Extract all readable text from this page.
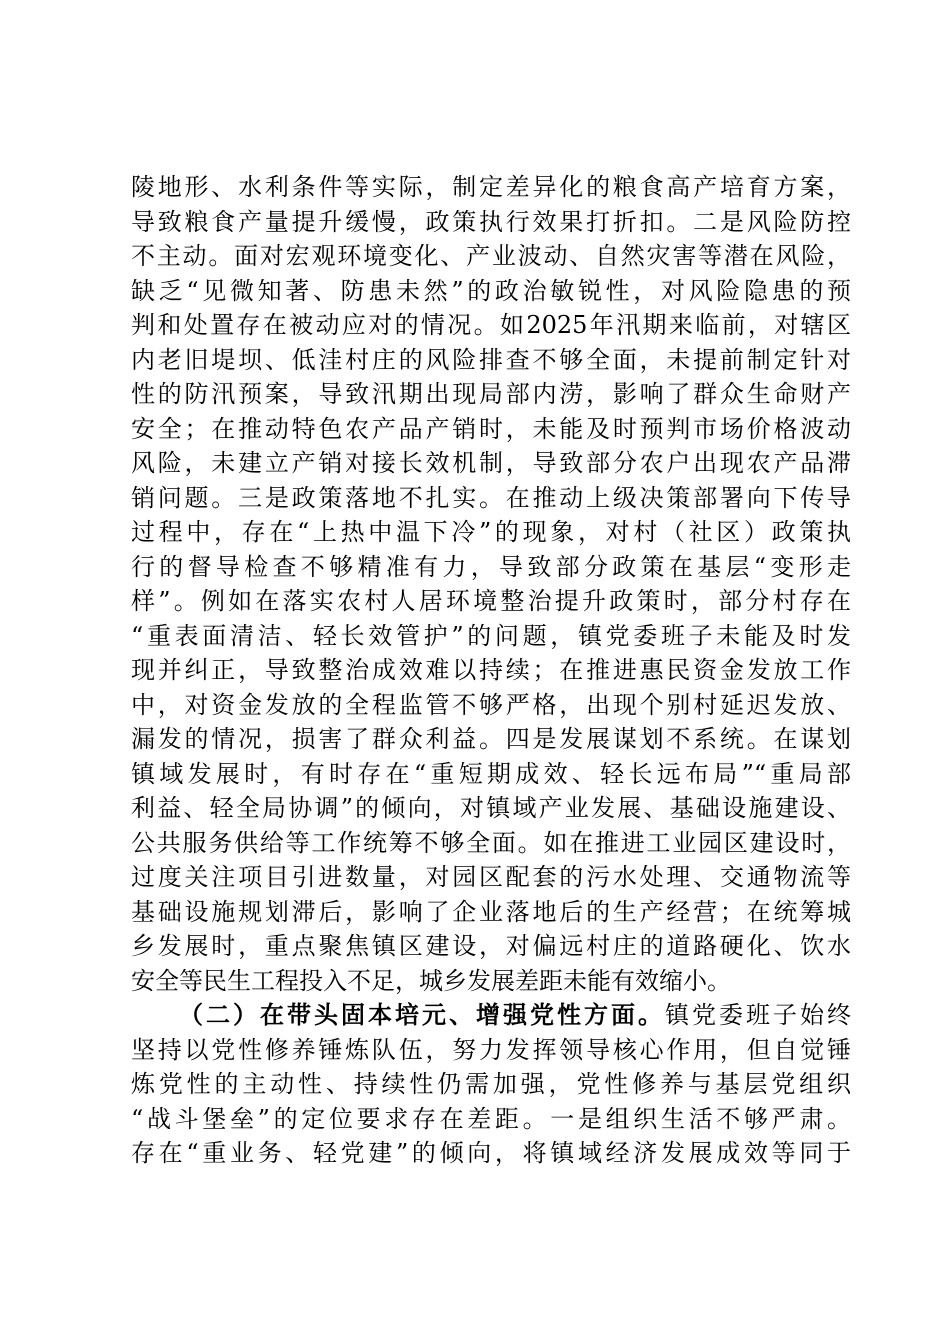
陵地形、水利条件等实际，制定差异化的粮食高产培育方案，
导致粮食产量提升缓慢，政策执行效果打折扣。二是风险防控
不主动。面对宏观环境变化、产业波动、自然灾害等潜在风险，
缺乏“见微知著、防患未然”的政治敏锐性，对风险隐患的预
判和处置存在被动应对的情况。如2025年汛期来临前，对辖区
内老旧堤坝、低洼村庄的风险排查不够全面，未提前制定针对
性的防汛预案，导致汛期出现局部内涝，影响了群众生命财产
安全；在推动特色农产品产销时，未能及时预判市场价格波动
风险，未建立产销对接长效机制，导致部分农户出现农产品滞
销问题。三是政策落地不扎实。在推动上级决策部署向下传导
过程中，存在“上热中温下冷”的现象，对村（社区）政策执
行的督导检查不够精准有力，导致部分政策在基层“变形走
样”。例如在落实农村人居环境整治提升政策时，部分村存在
“重表面清洁、轻长效管护”的问题，镇党委班子未能及时发
现并纠正，导致整治成效难以持续；在推进惠民资金发放工作
中，对资金发放的全程监管不够严格，出现个别村延迟发放、
漏发的情况，损害了群众利益。四是发展谋划不系统。在谋划
镇域发展时，有时存在“重短期成效、轻长远布局”“重局部
利益、轻全局协调”的倾向，对镇域产业发展、基础设施建设、
公共服务供给等工作统筹不够全面。如在推进工业园区建设时，
过度关注项目引进数量，对园区配套的污水处理、交通物流等
基础设施规划滞后，影响了企业落地后的生产经营；在统筹城
乡发展时，重点聚焦镇区建设，对偏远村庄的道路硬化、饮水
安全等民生工程投入不足，城乡发展差距未能有效缩小。
（二）在带头固本培元、增强党性方面。镇党委班子始终
坚持以党性修养锤炼队伍，努力发挥领导核心作用，但自觉锤
炼党性的主动性、持续性仍需加强，党性修养与基层党组织
“战斗堡垒”的定位要求存在差距。一是组织生活不够严肃。
存在“重业务、轻党建”的倾向，将镇域经济发展成效等同于
